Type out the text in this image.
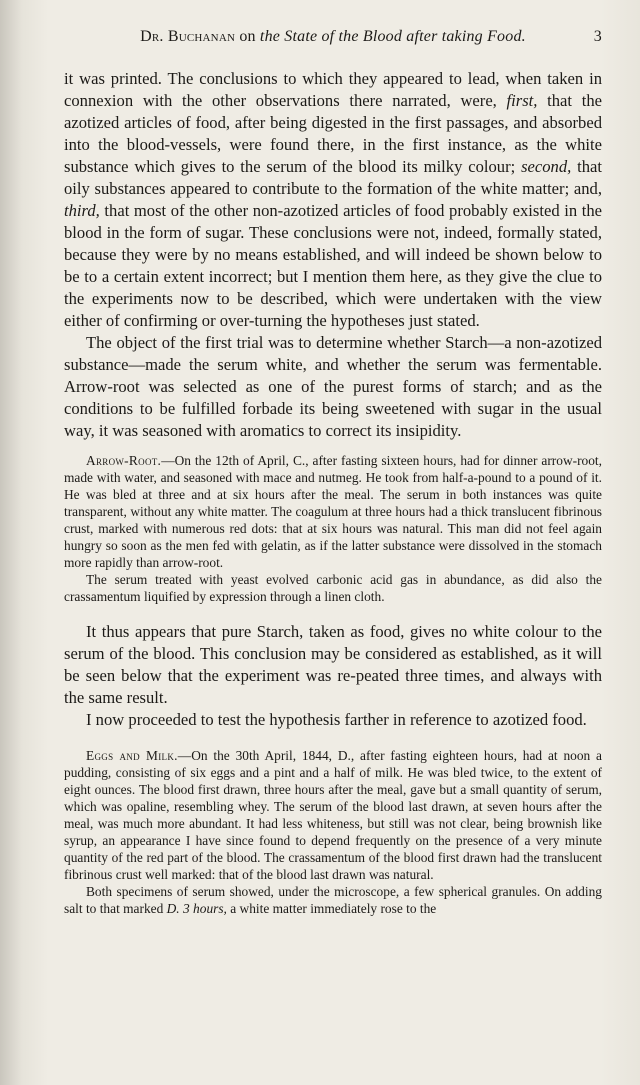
Dr. Buchanan on the State of the Blood after taking Food.	3

it was printed. The conclusions to which they appeared to lead, when taken in connexion with the other observations there narrated, were, first, that the azotized articles of food, after being digested in the first passages, and absorbed into the blood-vessels, were found there, in the first instance, as the white substance which gives to the serum of the blood its milky colour; second, that oily substances appeared to contribute to the formation of the white matter; and, third, that most of the other non-azotized articles of food probably existed in the blood in the form of sugar. These conclusions were not, indeed, formally stated, because they were by no means established, and will indeed be shown below to be to a certain extent incorrect; but I mention them here, as they give the clue to the experiments now to be described, which were undertaken with the view either of confirming or over-turning the hypotheses just stated.

The object of the first trial was to determine whether Starch—a non-azotized substance—made the serum white, and whether the serum was fermentable. Arrow-root was selected as one of the purest forms of starch; and as the conditions to be fulfilled forbade its being sweetened with sugar in the usual way, it was seasoned with aromatics to correct its insipidity.

Arrow-Root.—On the 12th of April, C., after fasting sixteen hours, had for dinner arrow-root, made with water, and seasoned with mace and nutmeg. He took from half-a-pound to a pound of it. He was bled at three and at six hours after the meal. The serum in both instances was quite transparent, without any white matter. The coagulum at three hours had a thick translucent fibrinous crust, marked with numerous red dots: that at six hours was natural. This man did not feel again hungry so soon as the men fed with gelatin, as if the latter substance were dissolved in the stomach more rapidly than arrow-root.

The serum treated with yeast evolved carbonic acid gas in abundance, as did also the crassamentum liquified by expression through a linen cloth.

It thus appears that pure Starch, taken as food, gives no white colour to the serum of the blood. This conclusion may be considered as established, as it will be seen below that the experiment was re-peated three times, and always with the same result.

I now proceeded to test the hypothesis farther in reference to azotized food.

Eggs and Milk.—On the 30th April, 1844, D., after fasting eighteen hours, had at noon a pudding, consisting of six eggs and a pint and a half of milk. He was bled twice, to the extent of eight ounces. The blood first drawn, three hours after the meal, gave but a small quantity of serum, which was opaline, resembling whey. The serum of the blood last drawn, at seven hours after the meal, was much more abundant. It had less whiteness, but still was not clear, being brownish like syrup, an appearance I have since found to depend frequently on the presence of a very minute quantity of the red part of the blood. The crassamentum of the blood first drawn had the translucent fibrinous crust well marked: that of the blood last drawn was natural.

Both specimens of serum showed, under the microscope, a few spherical granules. On adding salt to that marked D. 3 hours, a white matter immediately rose to the
